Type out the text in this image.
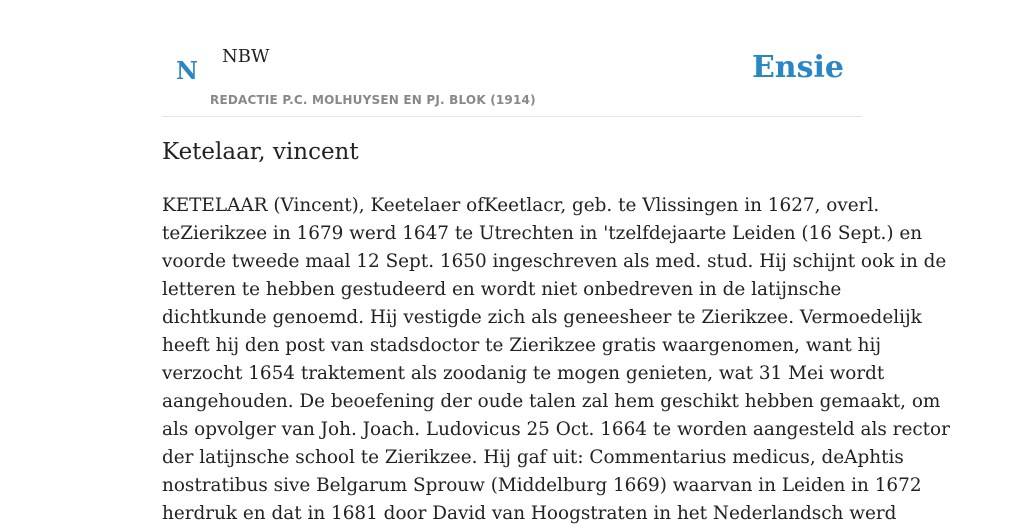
N NBW
REDACTIE P.C. MOLHUYSEN EN PJ. BLOK (1914)
Ensie
Ketelaar, vincent

KETELAAR (Vincent), Keetelaer ofKeetlacr, geb. te Vlissingen in 1627, overl.
teZierikzee in 1679 werd 1647 te Utrechten in 'tzelfdejaarte Leiden (16 Sept.) en
voorde tweede maal 12 Sept. 1650 ingeschreven als med. stud. Hij schijnt ook in de
letteren te hebben gestudeerd en wordt niet onbedreven in de latijnsche
dichtkunde genoemd. Hij vestigde zich als geneesheer te Zierikzee. Vermoedelijk
heeft hij den post van stadsdoctor te Zierikzee gratis waargenomen, want hij
verzocht 1654 traktement als zoodanig te mogen genieten, wat 31 Mei wordt
aangehouden. De beoefening der oude talen zal hem geschikt hebben gemaakt, om
als opvolger van Joh. Joach. Ludovicus 25 Oct. 1664 te worden aangesteld als rector
der latijnsche school te Zierikzee. Hij gaf uit: Commentarius medicus, deAphtis
nostratibus sive Belgarum Sprouw (Middelburg 1669) waarvan in Leiden in 1672
herdruk en dat in 1681 door David van Hoogstraten in het Nederlandsch werd
